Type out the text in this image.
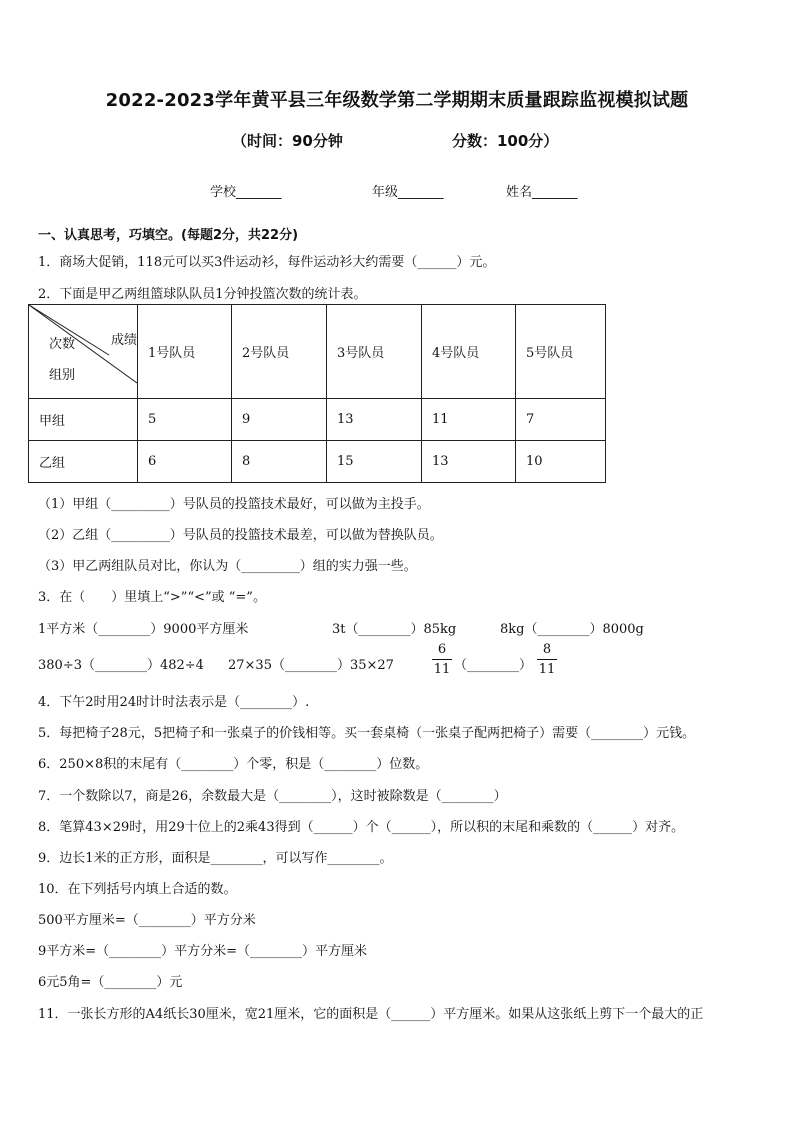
2022-2023学年黄平县三年级数学第二学期期末质量跟踪监视模拟试题
（时间：90分钟	分数：100分）
学校_______	年级_______	姓名_______
一、认真思考，巧填空。(每题2分，共22分)
1．商场大促销，118元可以买3件运动衫，每件运动衫大约需要（______）元。
2．下面是甲乙两组篮球队队员1分钟投篮次数的统计表。
成绩
次数
组别	1号队员	2号队员	3号队员	4号队员	5号队员
甲组	5	9	13	11	7
乙组	6	8	15	13	10
（1）甲组（_________）号队员的投篮技术最好，可以做为主投手。
（2）乙组（_________）号队员的投篮技术最差，可以做为替换队员。
（3）甲乙两组队员对比，你认为（_________）组的实力强一些。
3．在（　　）里填上“>”“<”或 “=”。
1平方米（________）9000平方厘米	3t（________）85kg	8kg（________）8000g
380÷3（________）482÷4 27×35（________）35×27	$\frac{6}{11}$ （________） $\frac{8}{11}$
4．下午2时用24时计时法表示是（________）.
5．每把椅子28元，5把椅子和一张桌子的价钱相等。买一套桌椅（一张桌子配两把椅子）需要（________）元钱。
6．250×8积的末尾有（________）个零，积是（________）位数。
7．一个数除以7，商是26，余数最大是（________），这时被除数是（________）
8．笔算43×29时，用29十位上的2乘43得到（______）个（______），所以积的末尾和乘数的（______）对齐。
9．边长1米的正方形，面积是________，可以写作________。
10．在下列括号内填上合适的数。
500平方厘米=（________）平方分米
9平方米=（________）平方分米=（________）平方厘米
6元5角=（________）元
11．一张长方形的A4纸长30厘米，宽21厘米，它的面积是（______）平方厘米。如果从这张纸上剪下一个最大的正
